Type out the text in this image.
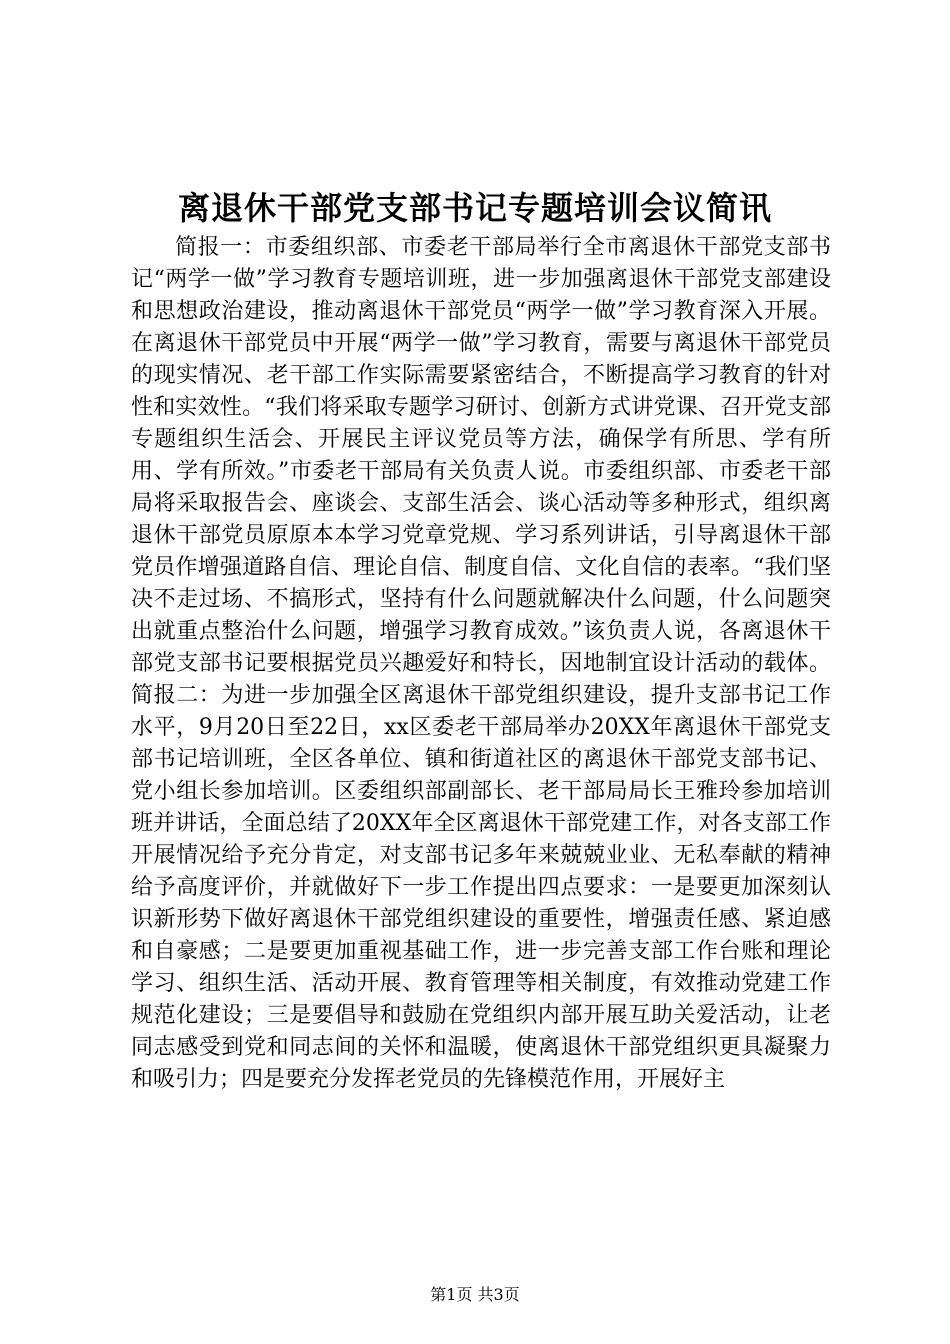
离退休干部党支部书记专题培训会议简讯

简报一：市委组织部、市委老干部局举行全市离退休干部党支部书记“两学一做”学习教育专题培训班，进一步加强离退休干部党支部建设和思想政治建设，推动离退休干部党员“两学一做”学习教育深入开展。在离退休干部党员中开展“两学一做”学习教育，需要与离退休干部党员的现实情况、老干部工作实际需要紧密结合，不断提高学习教育的针对性和实效性。“我们将采取专题学习研讨、创新方式讲党课、召开党支部专题组织生活会、开展民主评议党员等方法，确保学有所思、学有所用、学有所效。”市委老干部局有关负责人说。市委组织部、市委老干部局将采取报告会、座谈会、支部生活会、谈心活动等多种形式，组织离退休干部党员原原本本学习党章党规、学习系列讲话，引导离退休干部党员作增强道路自信、理论自信、制度自信、文化自信的表率。“我们坚决不走过场、不搞形式，坚持有什么问题就解决什么问题，什么问题突出就重点整治什么问题，增强学习教育成效。”该负责人说，各离退休干部党支部书记要根据党员兴趣爱好和特长，因地制宜设计活动的载体。简报二：为进一步加强全区离退休干部党组织建设，提升支部书记工作水平，9月20日至22日，xx区委老干部局举办20XX年离退休干部党支部书记培训班，全区各单位、镇和街道社区的离退休干部党支部书记、党小组长参加培训。区委组织部副部长、老干部局局长王雅玲参加培训班并讲话，全面总结了20XX年全区离退休干部党建工作，对各支部工作开展情况给予充分肯定，对支部书记多年来兢兢业业、无私奉献的精神给予高度评价，并就做好下一步工作提出四点要求：一是要更加深刻认识新形势下做好离退休干部党组织建设的重要性，增强责任感、紧迫感和自豪感；二是要更加重视基础工作，进一步完善支部工作台账和理论学习、组织生活、活动开展、教育管理等相关制度，有效推动党建工作规范化建设；三是要倡导和鼓励在党组织内部开展互助关爱活动，让老同志感受到党和同志间的关怀和温暖，使离退休干部党组织更具凝聚力和吸引力；四是要充分发挥老党员的先锋模范作用，开展好主

第1页 共3页
